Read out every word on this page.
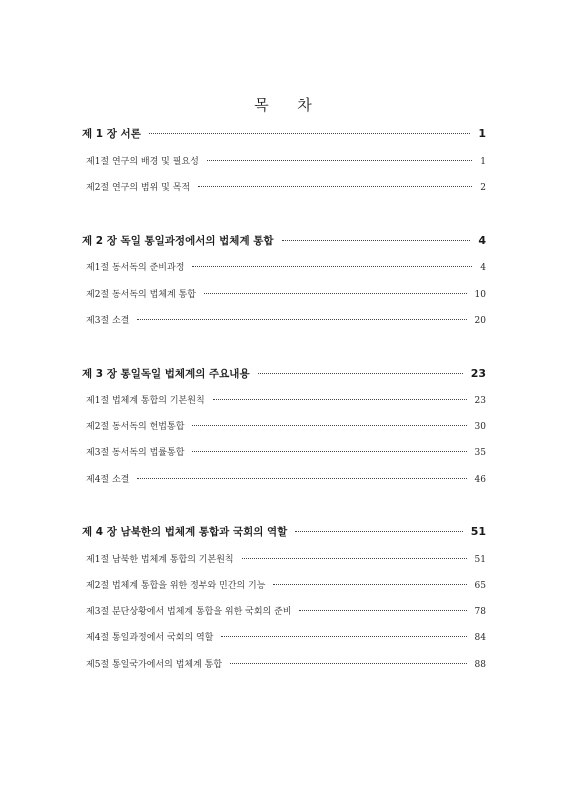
목      차
제 1 장 서론	1
제1절 연구의 배경 및 필요성	1
제2절 연구의 범위 및 목적	2
제 2 장 독일 통일과정에서의 법체계 통합	4
제1절 동서독의 준비과정	4
제2절 동서독의 법체계 통합	10
제3절 소결	20
제 3 장 통일독일 법체계의 주요내용	23
제1절 법체계 통합의 기본원칙	23
제2절 동서독의 헌법통합	30
제3절 동서독의 법률통합	35
제4절 소결	46
제 4 장 남북한의 법체계 통합과 국회의 역할	51
제1절 남북한 법체계 통합의 기본원칙	51
제2절 법체계 통합을 위한 정부와 민간의 기능	65
제3절 분단상황에서 법체계 통합을 위한 국회의 준비	78
제4절 통일과정에서 국회의 역할	84
제5절 통일국가에서의 법체계 통합	88
